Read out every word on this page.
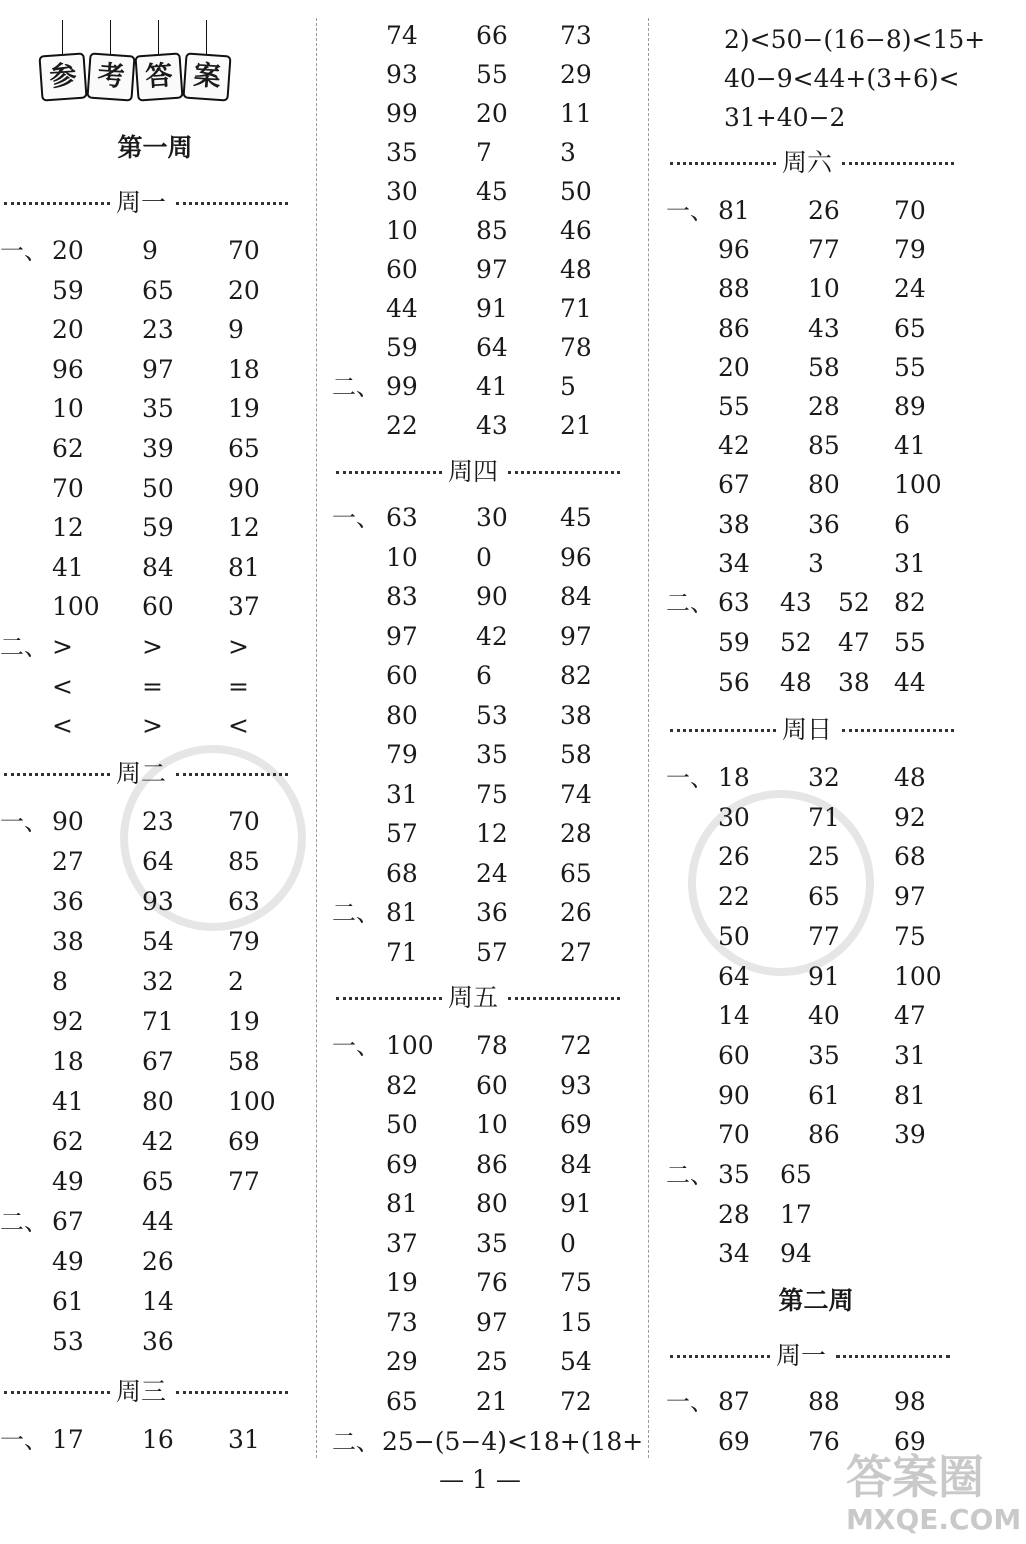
参 考 答 案
第一周
周一
一、 20 9	70
59 65 20
20 23 9
96 97 18
10 35 19
62 39 65
70 50 90
12 59 12
41 84 81
100 60 37
二、 >	>	>
<	=	=
<	>	<
周二
一、 90 23 70
27 64 85
36 93 63
38 54 79
8	32 2
92 71 19
18 67 58
41 80 100
62 42 69
49 65 77
二、 67 44
49 26
61 14
53 36
周三
一、 17 16 31
74 66 73
93 55 29
99 20 11
35 7	3
30 45 50
10 85 46
60 97 48
44 91 71
59 64 78
二、 99 41 5
22 43 21
周四
一、 63 30 45
10 0	96
83 90 84
97 42 97
60 6	82
80 53 38
79 35 58
31 75 74
57 12 28
68 24 65
二、 81 36 26
71 57 27
周五
一、 100 78 72
82 60 93
50 10 69
69 86 84
81 80 91
37 35 0
19 76 75
73 97 15
29 25 54
65 21 72
二、 25−(5−4)<18+(18+
2)<50−(16−8)<15+
40−9<44+(3+6)<
31+40−2
周六
一、 81 26 70
96 77 79
88 10 24
86 43 65
20 58 55
55 28 89
42 85 41
67 80 100
38 36 6
34 3	31
二、 63 43 52 82
59 52 47 55
56 48 38 44
周日
一、 18 32 48
30 71 92
26 25 68
22 65 97
50 77 75
64 91 100
14 40 47
60 35 31
90 61 81
70 86 39
二、 35 65
28 17
34 94
第二周
周一
一、 87 88 98
69 76 69
— 1 —	答案圈
MXQE.COM
